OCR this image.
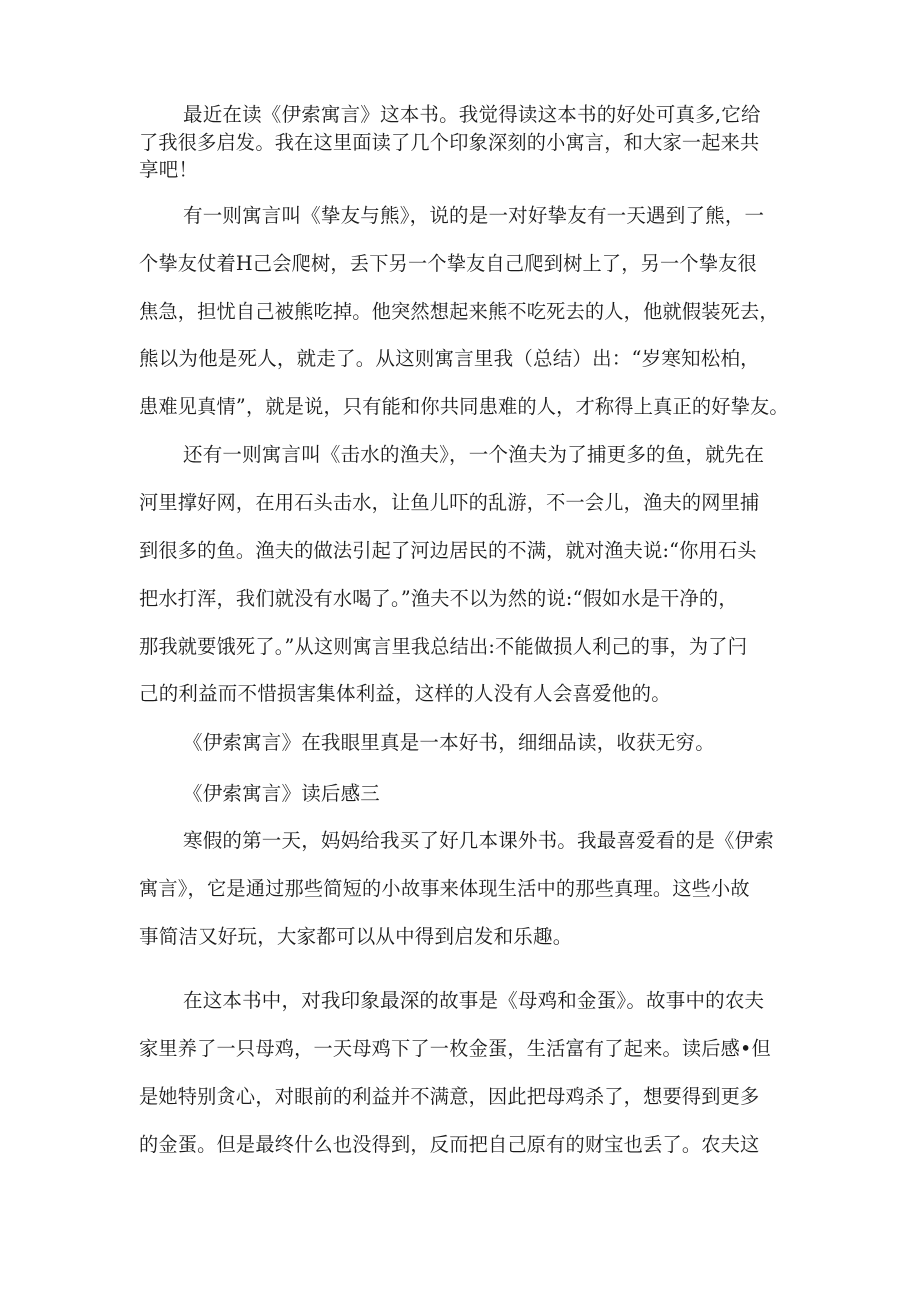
最近在读《伊索寓言》这本书。我觉得读这本书的好处可真多,它给
了我很多启发。我在这里面读了几个印象深刻的小寓言，和大家一起来共
享吧！
有一则寓言叫《挚友与熊》，说的是一对好挚友有一天遇到了熊，一
个挚友仗着H己会爬树，丢下另一个挚友自己爬到树上了，另一个挚友很
焦急，担忧自己被熊吃掉。他突然想起来熊不吃死去的人，他就假装死去，
熊以为他是死人，就走了。从这则寓言里我（总结）出：“岁寒知松柏，
患难见真情”，就是说，只有能和你共同患难的人，才称得上真正的好挚友。
还有一则寓言叫《击水的渔夫》，一个渔夫为了捕更多的鱼，就先在
河里撑好网，在用石头击水，让鱼儿吓的乱游，不一会儿，渔夫的网里捕
到很多的鱼。渔夫的做法引起了河边居民的不满，就对渔夫说:“你用石头
把水打浑，我们就没有水喝了。”渔夫不以为然的说:“假如水是干净的，
那我就要饿死了。”从这则寓言里我总结出:不能做损人利己的事，为了闩
己的利益而不惜损害集体利益，这样的人没有人会喜爱他的。
《伊索寓言》在我眼里真是一本好书，细细品读，收获无穷。
《伊索寓言》读后感三
寒假的第一天，妈妈给我买了好几本课外书。我最喜爱看的是《伊索
寓言》，它是通过那些简短的小故事来体现生活中的那些真理。这些小故
事简洁又好玩，大家都可以从中得到启发和乐趣。
在这本书中，对我印象最深的故事是《母鸡和金蛋》。故事中的农夫
家里养了一只母鸡，一天母鸡下了一枚金蛋，生活富有了起来。读后感•但
是她特别贪心，对眼前的利益并不满意，因此把母鸡杀了，想要得到更多
的金蛋。但是最终什么也没得到，反而把自己原有的财宝也丢了。农夫这
